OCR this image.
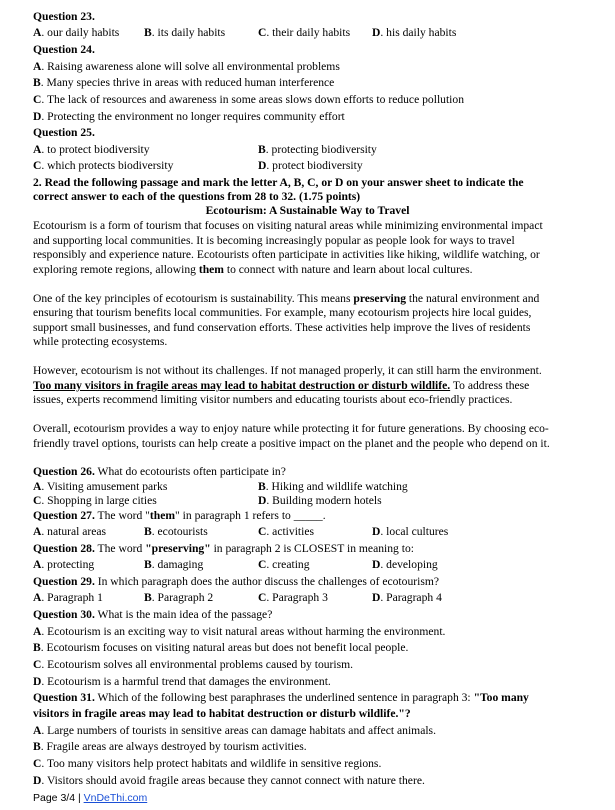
Question 23.
A. our daily habits B. its daily habits	C. their daily habits D. his daily habits
Question 24.
A. Raising awareness alone will solve all environmental problems
B. Many species thrive in areas with reduced human interference
C. The lack of resources and awareness in some areas slows down efforts to reduce pollution
D. Protecting the environment no longer requires community effort
Question 25.
A. to protect biodiversity	B. protecting biodiversity
C. which protects biodiversity	D. protect biodiversity
2. Read the following passage and mark the letter A, B, C, or D on your answer sheet to indicate the
correct answer to each of the questions from 28 to 32. (1.75 points)
Ecotourism: A Sustainable Way to Travel
Ecotourism is a form of tourism that focuses on visiting natural areas while minimizing environmental impact
and supporting local communities. It is becoming increasingly popular as people look for ways to travel
responsibly and experience nature. Ecotourists often participate in activities like hiking, wildlife watching, or
exploring remote regions, allowing them to connect with nature and learn about local cultures.
One of the key principles of ecotourism is sustainability. This means preserving the natural environment and
ensuring that tourism benefits local communities. For example, many ecotourism projects hire local guides,
support small businesses, and fund conservation efforts. These activities help improve the lives of residents
while protecting ecosystems.
However, ecotourism is not without its challenges. If not managed properly, it can still harm the environment.
Too many visitors in fragile areas may lead to habitat destruction or disturb wildlife. To address these
issues, experts recommend limiting visitor numbers and educating tourists about eco-friendly practices.
Overall, ecotourism provides a way to enjoy nature while protecting it for future generations. By choosing eco-
friendly travel options, tourists can help create a positive impact on the planet and the people who depend on it.
Question 26. What do ecotourists often participate in?
A. Visiting amusement parks	B. Hiking and wildlife watching
C. Shopping in large cities	D. Building modern hotels
Question 27. The word "them" in paragraph 1 refers to _____.
A. natural areas	B. ecotourists	C. activities	D. local cultures
Question 28. The word "preserving" in paragraph 2 is CLOSEST in meaning to:
A. protecting	B. damaging	C. creating	D. developing
Question 29. In which paragraph does the author discuss the challenges of ecotourism?
A. Paragraph 1	B. Paragraph 2	C. Paragraph 3	D. Paragraph 4
Question 30. What is the main idea of the passage?
A. Ecotourism is an exciting way to visit natural areas without harming the environment.
B. Ecotourism focuses on visiting natural areas but does not benefit local people.
C. Ecotourism solves all environmental problems caused by tourism.
D. Ecotourism is a harmful trend that damages the environment.
Question 31. Which of the following best paraphrases the underlined sentence in paragraph 3: "Too many
visitors in fragile areas may lead to habitat destruction or disturb wildlife."?
A. Large numbers of tourists in sensitive areas can damage habitats and affect animals.
B. Fragile areas are always destroyed by tourism activities.
C. Too many visitors help protect habitats and wildlife in sensitive regions.
D. Visitors should avoid fragile areas because they cannot connect with nature there.
Page 3/4 | VnDeThi.com
